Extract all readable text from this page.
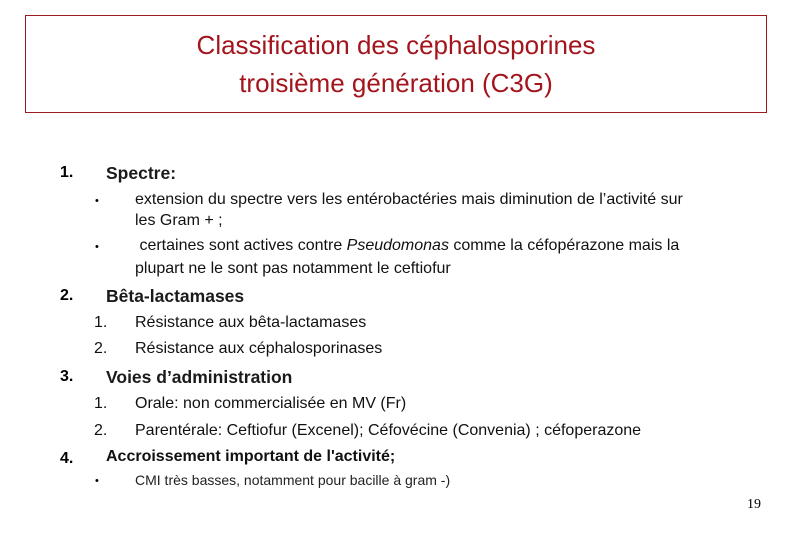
Classification des céphalosporines
troisième génération (C3G)
1. Spectre:
• extension du spectre vers les entérobactéries mais diminution de l’activité sur
les Gram + ;
• certaines sont actives contre Pseudomonas comme la céfopérazone mais la
plupart ne le sont pas notamment le ceftiofur
2. Bêta-lactamases
1. Résistance aux bêta-lactamases
2. Résistance aux céphalosporinases
3. Voies d’administration
1. Orale: non commercialisée en MV (Fr)
2. Parentérale: Ceftiofur (Excenel); Céfovécine (Convenia) ; céfoperazone
4. Accroissement important de l'activité;
•	CMI très basses, notamment pour bacille à gram -)
19
